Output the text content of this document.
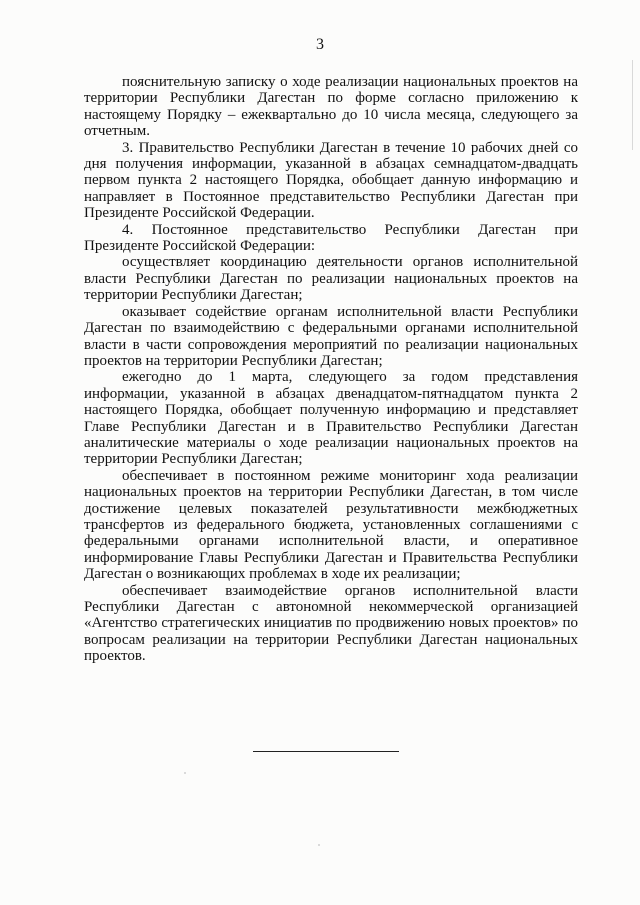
3

пояснительную записку о ходе реализации национальных проектов на территории Республики Дагестан по форме согласно приложению к настоящему Порядку – ежеквартально до 10 числа месяца, следующего за отчетным.

3. Правительство Республики Дагестан в течение 10 рабочих дней со дня получения информации, указанной в абзацах семнадцатом-двадцать первом пункта 2 настоящего Порядка, обобщает данную информацию и направляет в Постоянное представительство Республики Дагестан при Президенте Российской Федерации.

4. Постоянное представительство Республики Дагестан при Президенте Российской Федерации:

осуществляет координацию деятельности органов исполнительной власти Республики Дагестан по реализации национальных проектов на территории Республики Дагестан;

оказывает содействие органам исполнительной власти Республики Дагестан по взаимодействию с федеральными органами исполнительной власти в части сопровождения мероприятий по реализации национальных проектов на территории Республики Дагестан;

ежегодно до 1 марта, следующего за годом представления информации, указанной в абзацах двенадцатом-пятнадцатом пункта 2 настоящего Порядка, обобщает полученную информацию и представляет Главе Республики Дагестан и в Правительство Республики Дагестан аналитические материалы о ходе реализации национальных проектов на территории Республики Дагестан;

обеспечивает в постоянном режиме мониторинг хода реализации национальных проектов на территории Республики Дагестан, в том числе достижение целевых показателей результативности межбюджетных трансфертов из федерального бюджета, установленных соглашениями с федеральными органами исполнительной власти, и оперативное информирование Главы Республики Дагестан и Правительства Республики Дагестан о возникающих проблемах в ходе их реализации;

обеспечивает взаимодействие органов исполнительной власти Республики Дагестан с автономной некоммерческой организацией «Агентство стратегических инициатив по продвижению новых проектов» по вопросам реализации на территории Республики Дагестан национальных проектов.
